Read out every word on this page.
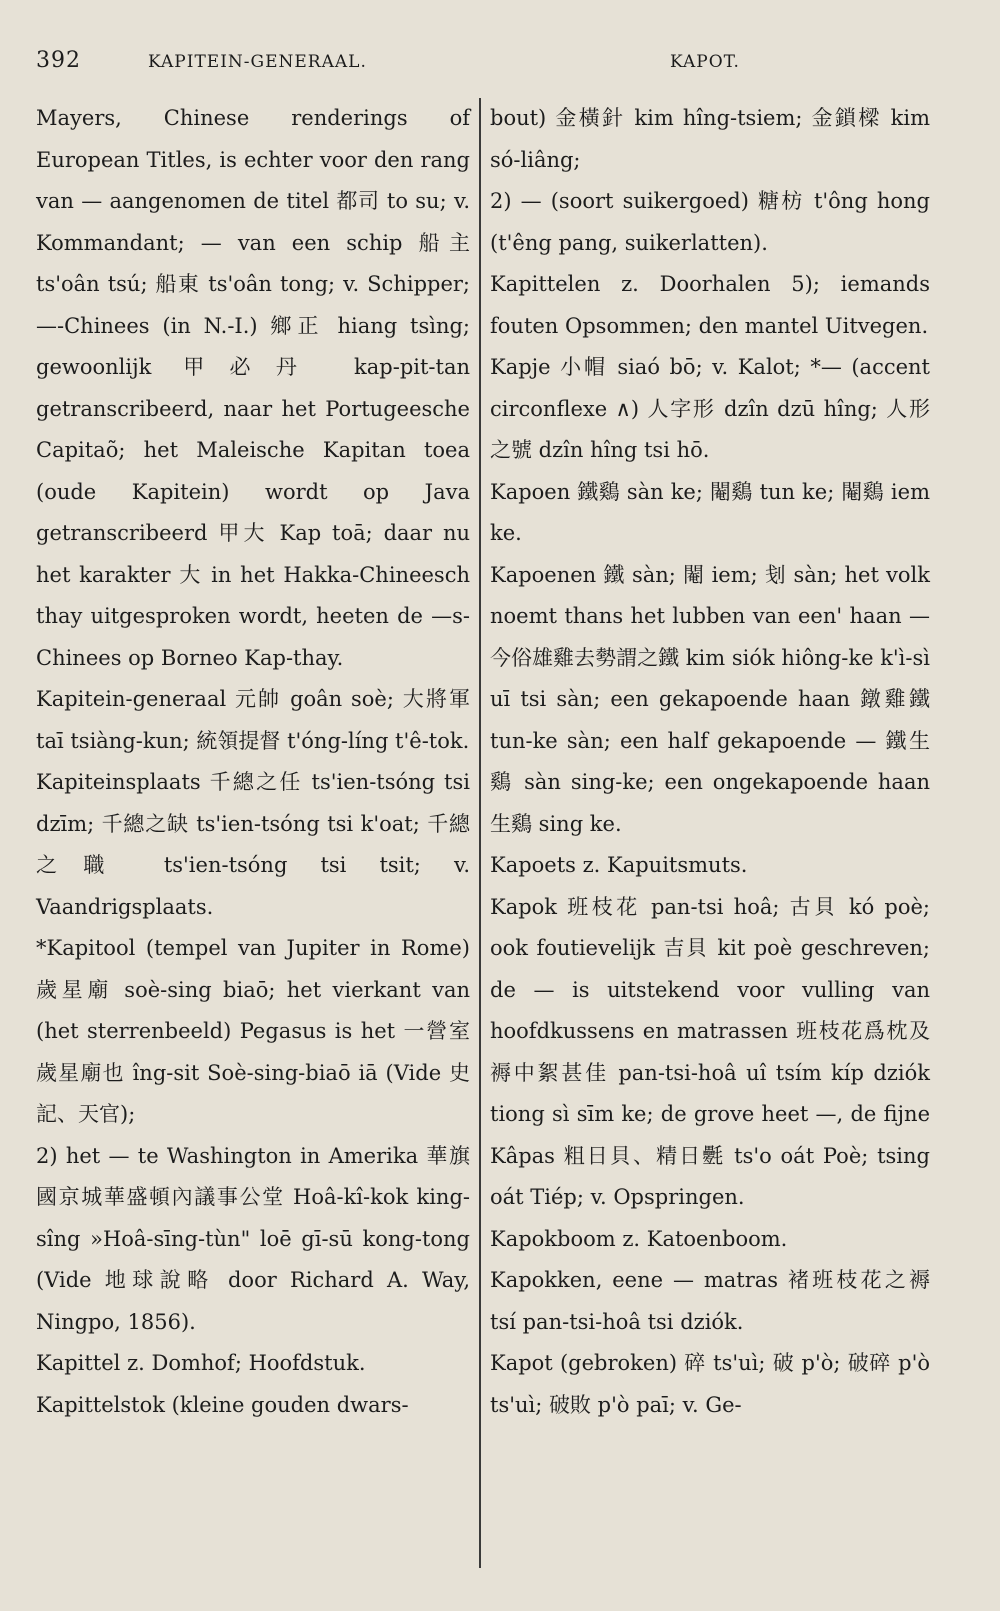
392	KAPITEIN-GENERAAL.	KAPOT.

Mayers, Chinese renderings of European Titles, is echter voor den rang van — aangenomen de titel 都司 to su; v. Kommandant; — van een schip 船主 ts'oân tsú; 船東 ts'oân tong; v. Schipper; —-Chinees (in N.-I.) 鄉正 hiang tsìng; gewoonlijk 甲必丹 kap-pit-tan getranscribeerd, naar het Portugeesche Capitaõ; het Maleische Kapitan toea (oude Kapitein) wordt op Java getranscribeerd 甲大 Kap toā; daar nu het karakter 大 in het Hakka-Chineesch thay uitgesproken wordt, heeten de —s-Chinees op Borneo Kap-thay.

Kapitein-generaal 元帥 goân soè; 大將軍 taī tsiàng-kun; 統領提督 t'óng-líng t'ê-tok.

Kapiteinsplaats 千總之任 ts'ien-tsóng tsi dzīm; 千總之缺 ts'ien-tsóng tsi k'oat; 千總之職 ts'ien-tsóng tsi tsit; v. Vaandrigsplaats.

*Kapitool (tempel van Jupiter in Rome) 歲星廟 soè-sing biaō; het vierkant van (het sterrenbeeld) Pegasus is het 一營室歲星廟也 îng-sit Soè-sing-biaō iā (Vide 史記、天官);

2) het — te Washington in Amerika 華旗國京城華盛頓內議事公堂 Hoâ-kî-kok king-sîng »Hoâ-sīng-tùn" loē gī-sū kong-tong (Vide 地球說略 door Richard A. Way, Ningpo, 1856).

Kapittel z. Domhof; Hoofdstuk.

Kapittelstok (kleine gouden dwars-

bout) 金橫針 kim hîng-tsiem; 金鎖樑 kim só-liâng;

2) — (soort suikergoed) 糖枋 t'ông hong (t'êng pang, suikerlatten).

Kapittelen z. Doorhalen 5); iemands fouten Opsommen; den mantel Uitvegen.

Kapje 小帽 siaó bō; v. Kalot; *— (accent circonflexe ∧) 人字形 dzîn dzū hîng; 人形之號 dzîn hîng tsi hō.

Kapoen 鐵鷄 sàn ke; 閹鷄 tun ke; 閹鷄 iem ke.

Kapoenen 鐵 sàn; 閹 iem; 刬 sàn; het volk noemt thans het lubben van een' haan — 今俗雄雞去勢謂之鐵 kim siók hiông-ke k'ì-sì uī tsi sàn; een gekapoende haan 鐓雞鐵 tun-ke sàn; een half gekapoende — 鐵生鷄 sàn sing-ke; een ongekapoende haan 生鷄 sing ke.

Kapoets z. Kapuitsmuts.

Kapok 班枝花 pan-tsi hoâ; 古貝 kó poè; ook foutievelijk 吉貝 kit poè geschreven; de — is uitstekend voor vulling van hoofdkussens en matrassen 班枝花爲枕及褥中絮甚佳 pan-tsi-hoâ uî tsím kíp dziók tiong sì sīm ke; de grove heet —, de fijne Kâpas 粗日貝、精日氎 ts'o oát Poè; tsing oát Tiép; v. Opspringen.

Kapokboom z. Katoenboom.

Kapokken, eene — matras 褚班枝花之褥 tsí pan-tsi-hoâ tsi dziók.

Kapot (gebroken) 碎 ts'uì; 破 p'ò; 破碎 p'ò ts'uì; 破敗 p'ò paī; v. Ge-
